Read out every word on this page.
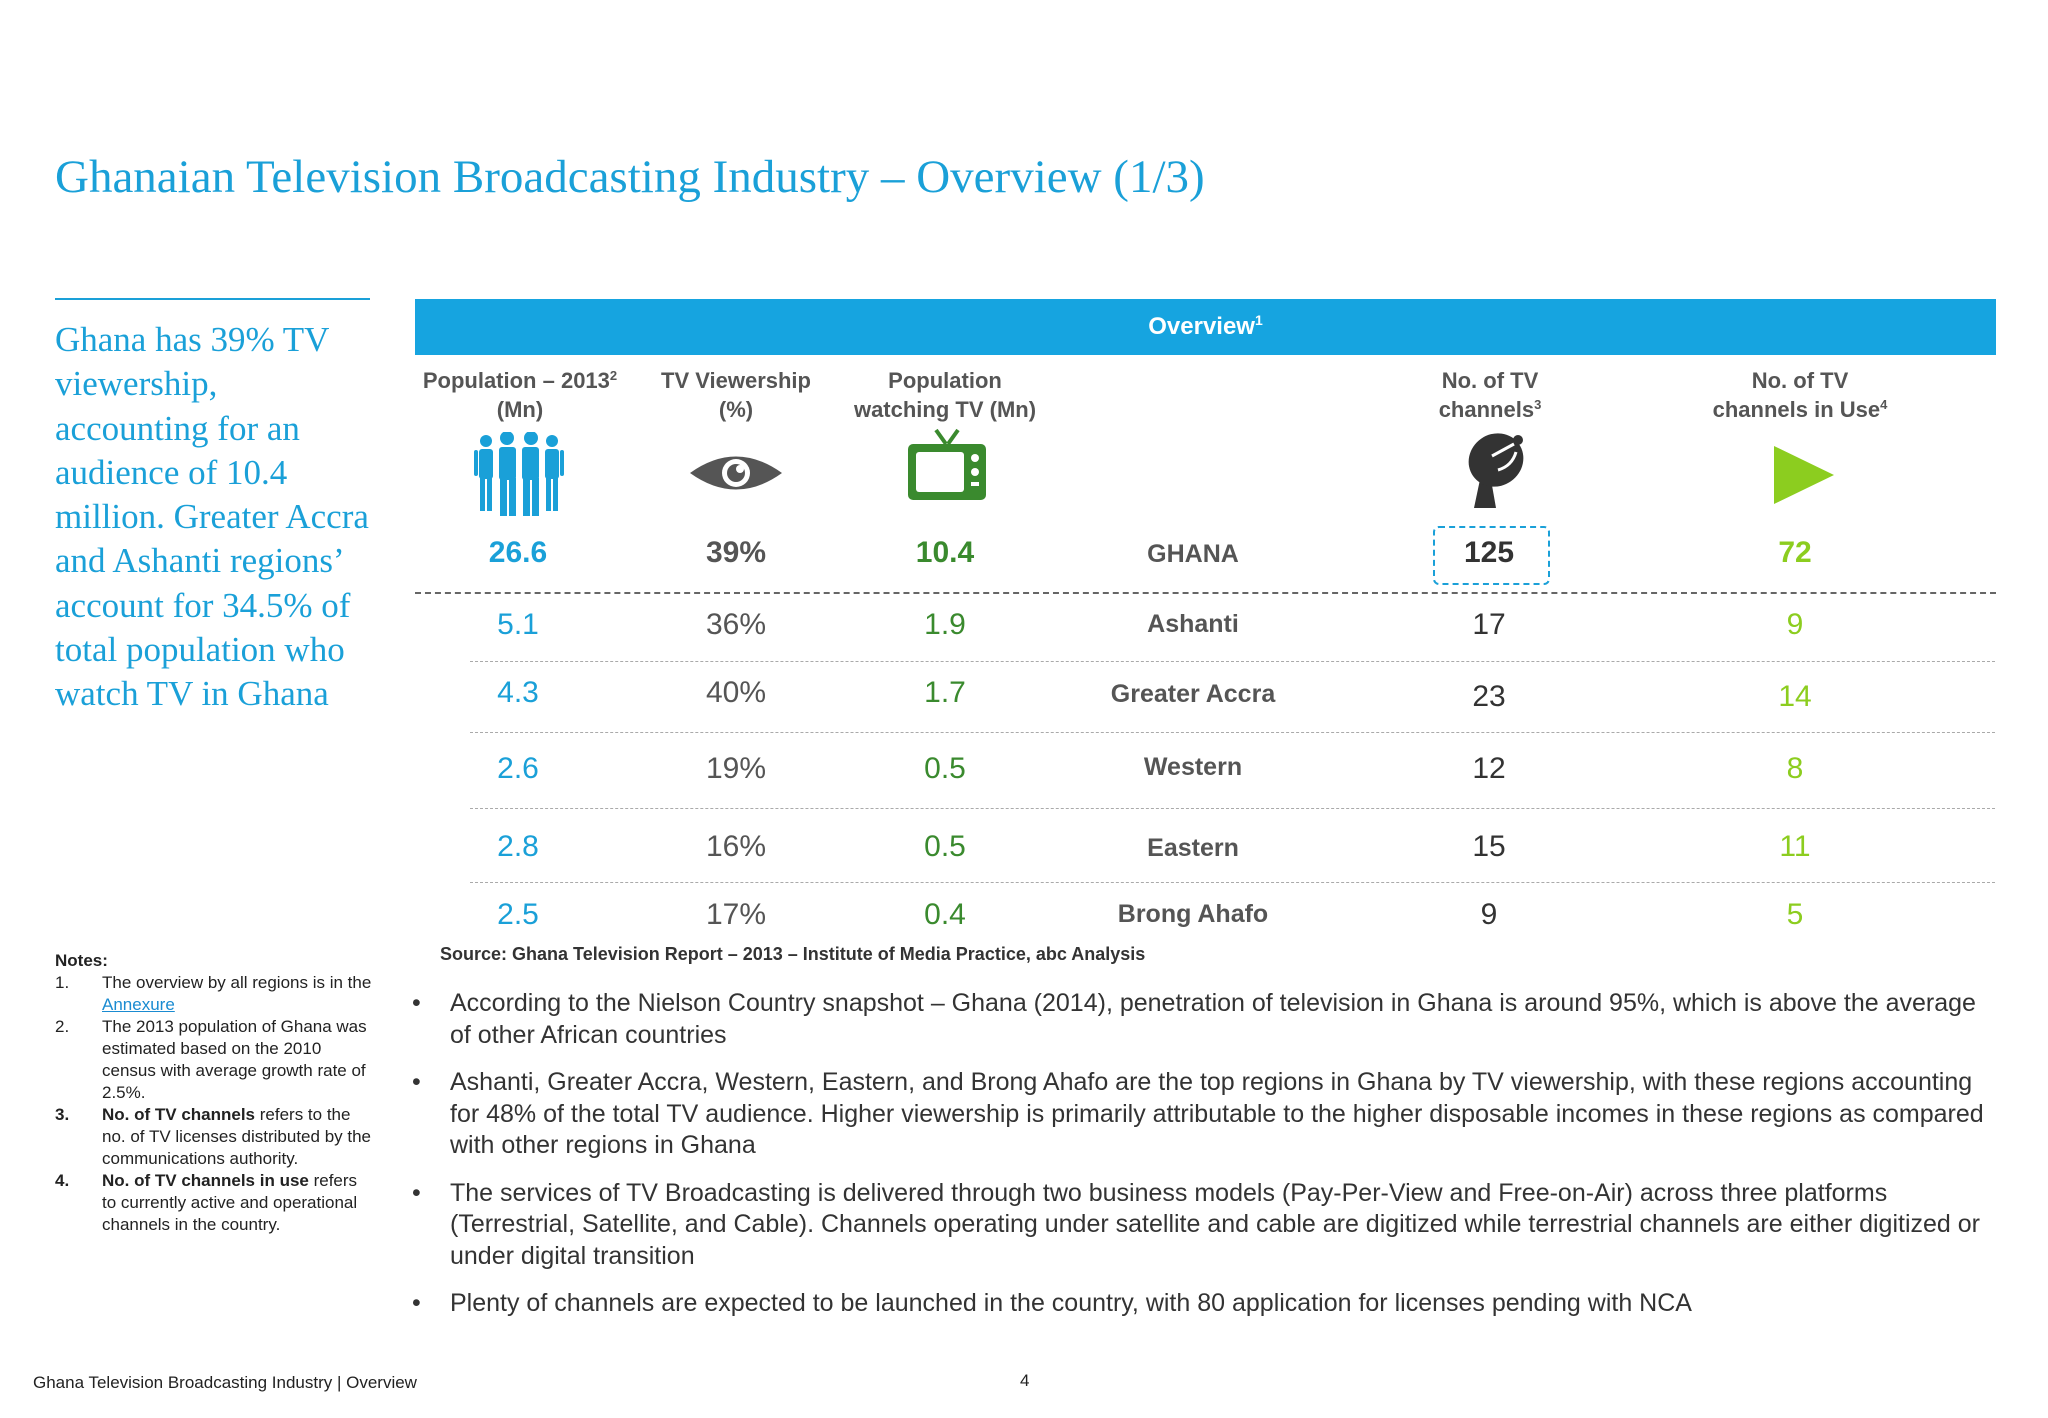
Ghanaian Television Broadcasting Industry – Overview (1/3)
Ghana has 39% TV viewership, accounting for an audience of 10.4 million. Greater Accra and Ashanti regions’ account for 34.5% of total population who watch TV in Ghana
Overview$^1$
Population – 2013$^2$
(Mn)
TV Viewership
(%)
Population
watching TV (Mn)
No. of TV
channels$^3$
No. of TV
channels in Use$^4$
26.6	39%	10.4	GHANA	125	72
5.1	36%	1.9	Ashanti	17	9
4.3	40%	1.7	Greater Accra	23	14
2.6	19%	0.5	Western	12	8
2.8	16%	0.5	Eastern	15	11
2.5	17%	0.4	Brong Ahafo	9	5
Source: Ghana Television Report – 2013 – Institute of Media Practice, abc Analysis
Notes:
1. The overview by all regions is in the Annexure
2. The 2013 population of Ghana was estimated based on the 2010 census with average growth rate of 2.5%.
3. No. of TV channels refers to the no. of TV licenses distributed by the communications authority.
4. No. of TV channels in use refers to currently active and operational channels in the country.
• According to the Nielson Country snapshot – Ghana (2014), penetration of television in Ghana is around 95%, which is above the average of other African countries
• Ashanti, Greater Accra, Western, Eastern, and Brong Ahafo are the top regions in Ghana by TV viewership, with these regions accounting for 48% of the total TV audience. Higher viewership is primarily attributable to the higher disposable incomes in these regions as compared with other regions in Ghana
• The services of TV Broadcasting is delivered through two business models (Pay-Per-View and Free-on-Air) across three platforms (Terrestrial, Satellite, and Cable). Channels operating under satellite and cable are digitized while terrestrial channels are either digitized or under digital transition
• Plenty of channels are expected to be launched in the country, with 80 application for licenses pending with NCA
Ghana Television Broadcasting Industry | Overview	4
